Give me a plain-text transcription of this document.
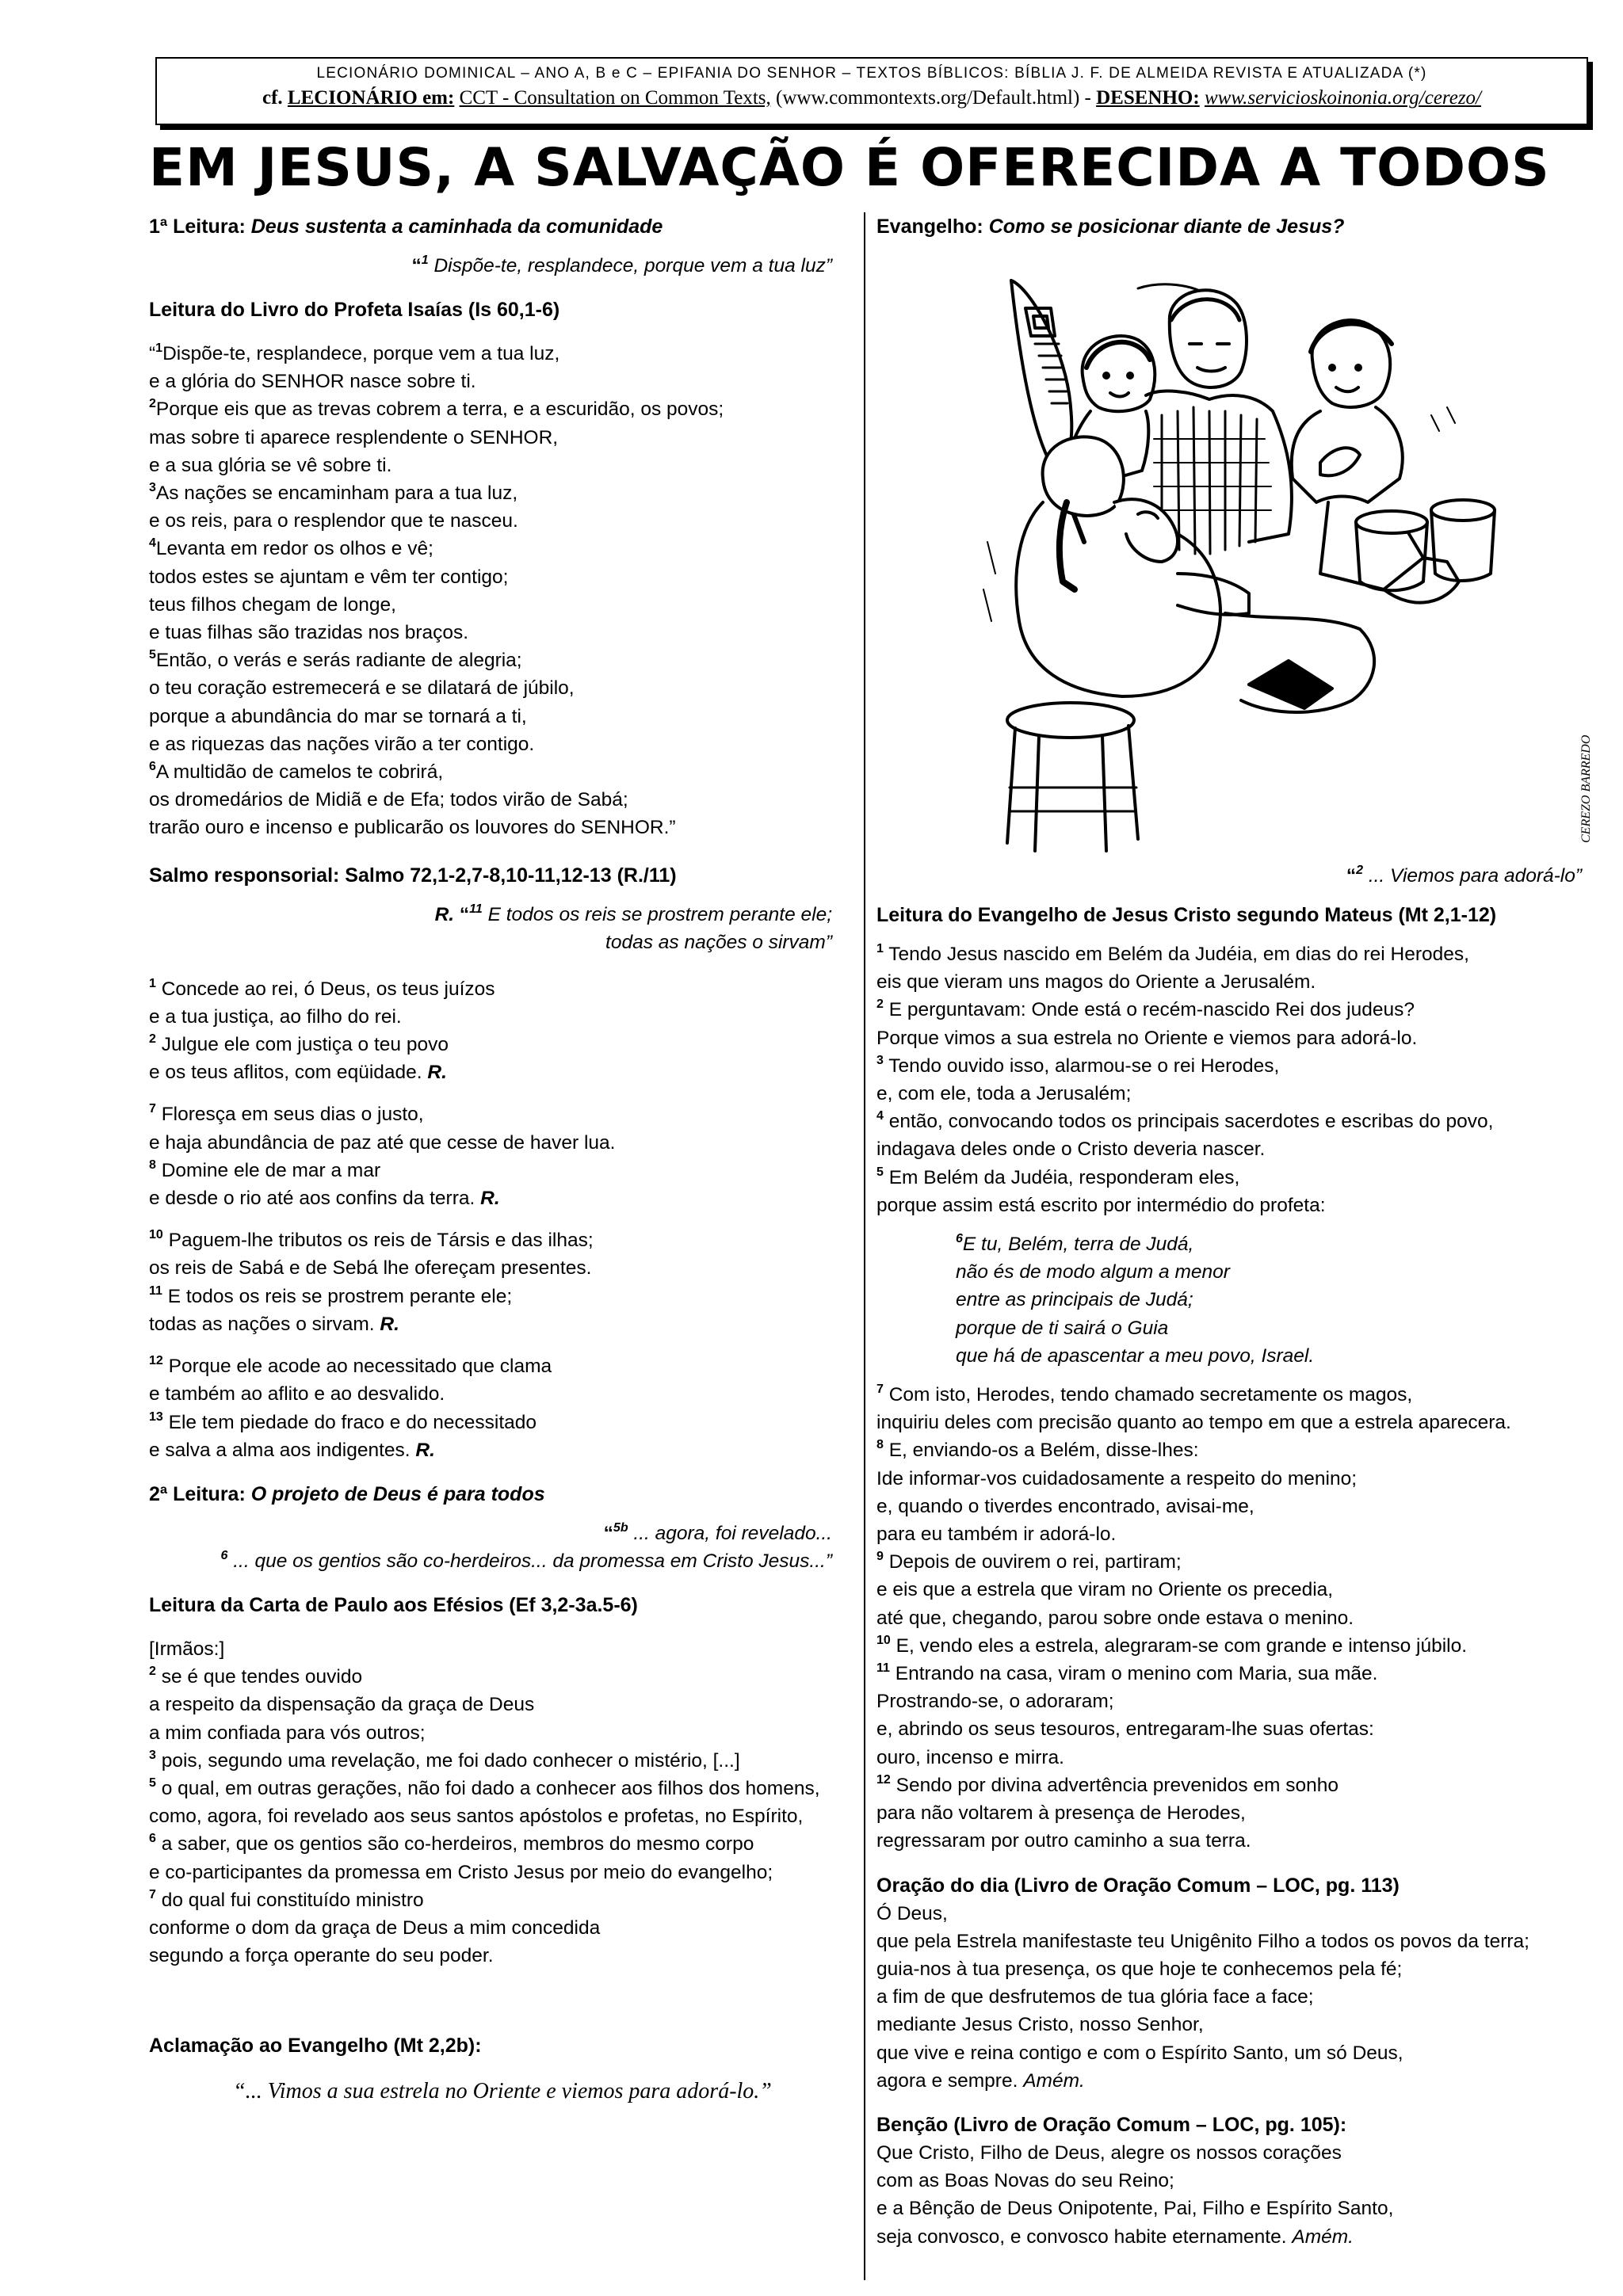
LECIONÁRIO DOMINICAL – ANO A, B e C – EPIFANIA DO SENHOR – TEXTOS BÍBLICOS: BÍBLIA J. F. DE ALMEIDA REVISTA E ATUALIZADA (*)
cf. LECIONÁRIO em: CCT - Consultation on Common Texts, (www.commontexts.org/Default.html) - DESENHO: www.servicioskoinonia.org/cerezo/
EM JESUS, A SALVAÇÃO É OFERECIDA A TODOS
1ª Leitura: Deus sustenta a caminhada da comunidade
“$^1$ Dispõe-te, resplandece, porque vem a tua luz”
Leitura do Livro do Profeta Isaías (Is 60,1-6)
“$^1$Dispõe-te, resplandece, porque vem a tua luz,
e a glória do SENHOR nasce sobre ti.
$^2$Porque eis que as trevas cobrem a terra, e a escuridão, os povos;
mas sobre ti aparece resplendente o SENHOR,
e a sua glória se vê sobre ti.
$^3$As nações se encaminham para a tua luz,
e os reis, para o resplendor que te nasceu.
$^4$Levanta em redor os olhos e vê;
todos estes se ajuntam e vêm ter contigo;
teus filhos chegam de longe,
e tuas filhas são trazidas nos braços.
$^5$Então, o verás e serás radiante de alegria;
o teu coração estremecerá e se dilatará de júbilo,
porque a abundância do mar se tornará a ti,
e as riquezas das nações virão a ter contigo.
$^6$A multidão de camelos te cobrirá,
os dromedários de Midiã e de Efa; todos virão de Sabá;
trarão ouro e incenso e publicarão os louvores do SENHOR.”
Salmo responsorial: Salmo 72,1-2,7-8,10-11,12-13 (R./11)
R. “$^{11}$ E todos os reis se prostrem perante ele;
todas as nações o sirvam”
$^1$ Concede ao rei, ó Deus, os teus juízos
e a tua justiça, ao filho do rei.
$^2$ Julgue ele com justiça o teu povo
e os teus aflitos, com eqüidade. R.
$^7$ Floresça em seus dias o justo,
e haja abundância de paz até que cesse de haver lua.
$^8$ Domine ele de mar a mar
e desde o rio até aos confins da terra. R.
$^{10}$ Paguem-lhe tributos os reis de Társis e das ilhas;
os reis de Sabá e de Sebá lhe ofereçam presentes.
$^{11}$ E todos os reis se prostrem perante ele;
todas as nações o sirvam. R.
$^{12}$ Porque ele acode ao necessitado que clama
e também ao aflito e ao desvalido.
$^{13}$ Ele tem piedade do fraco e do necessitado
e salva a alma aos indigentes. R.
2ª Leitura: O projeto de Deus é para todos
“$^{5b}$ ... agora, foi revelado...
$^6$ ... que os gentios são co-herdeiros... da promessa em Cristo Jesus...”
Leitura da Carta de Paulo aos Efésios (Ef 3,2-3a.5-6)
[Irmãos:]
$^2$ se é que tendes ouvido
a respeito da dispensação da graça de Deus
a mim confiada para vós outros;
$^3$ pois, segundo uma revelação, me foi dado conhecer o mistério, [...]
$^5$ o qual, em outras gerações, não foi dado a conhecer aos filhos dos homens,
como, agora, foi revelado aos seus santos apóstolos e profetas, no Espírito,
$^6$ a saber, que os gentios são co-herdeiros, membros do mesmo corpo
e co-participantes da promessa em Cristo Jesus por meio do evangelho;
$^7$ do qual fui constituído ministro
conforme o dom da graça de Deus a mim concedida
segundo a força operante do seu poder.
Aclamação ao Evangelho (Mt 2,2b):
“... Vimos a sua estrela no Oriente e viemos para adorá-lo.”
Evangelho: Como se posicionar diante de Jesus?
CEREZO BARREDO
“$^2$ ... Viemos para adorá-lo”
Leitura do Evangelho de Jesus Cristo segundo Mateus (Mt 2,1-12)
$^1$ Tendo Jesus nascido em Belém da Judéia, em dias do rei Herodes,
eis que vieram uns magos do Oriente a Jerusalém.
$^2$ E perguntavam: Onde está o recém-nascido Rei dos judeus?
Porque vimos a sua estrela no Oriente e viemos para adorá-lo.
$^3$ Tendo ouvido isso, alarmou-se o rei Herodes,
e, com ele, toda a Jerusalém;
$^4$ então, convocando todos os principais sacerdotes e escribas do povo,
indagava deles onde o Cristo deveria nascer.
$^5$ Em Belém da Judéia, responderam eles,
porque assim está escrito por intermédio do profeta:
$^6$E tu, Belém, terra de Judá,
não és de modo algum a menor
entre as principais de Judá;
porque de ti sairá o Guia
que há de apascentar a meu povo, Israel.
$^7$ Com isto, Herodes, tendo chamado secretamente os magos,
inquiriu deles com precisão quanto ao tempo em que a estrela aparecera.
$^8$ E, enviando-os a Belém, disse-lhes:
Ide informar-vos cuidadosamente a respeito do menino;
e, quando o tiverdes encontrado, avisai-me,
para eu também ir adorá-lo.
$^9$ Depois de ouvirem o rei, partiram;
e eis que a estrela que viram no Oriente os precedia,
até que, chegando, parou sobre onde estava o menino.
$^{10}$ E, vendo eles a estrela, alegraram-se com grande e intenso júbilo.
$^{11}$ Entrando na casa, viram o menino com Maria, sua mãe.
Prostrando-se, o adoraram;
e, abrindo os seus tesouros, entregaram-lhe suas ofertas:
ouro, incenso e mirra.
$^{12}$ Sendo por divina advertência prevenidos em sonho
para não voltarem à presença de Herodes,
regressaram por outro caminho a sua terra.
Oração do dia (Livro de Oração Comum – LOC, pg. 113)
Ó Deus,
que pela Estrela manifestaste teu Unigênito Filho a todos os povos da terra;
guia-nos à tua presença, os que hoje te conhecemos pela fé;
a fim de que desfrutemos de tua glória face a face;
mediante Jesus Cristo, nosso Senhor,
que vive e reina contigo e com o Espírito Santo, um só Deus,
agora e sempre. Amém.
Benção (Livro de Oração Comum – LOC, pg. 105):
Que Cristo, Filho de Deus, alegre os nossos corações
com as Boas Novas do seu Reino;
e a Bênção de Deus Onipotente, Pai, Filho e Espírito Santo,
seja convosco, e convosco habite eternamente. Amém.
